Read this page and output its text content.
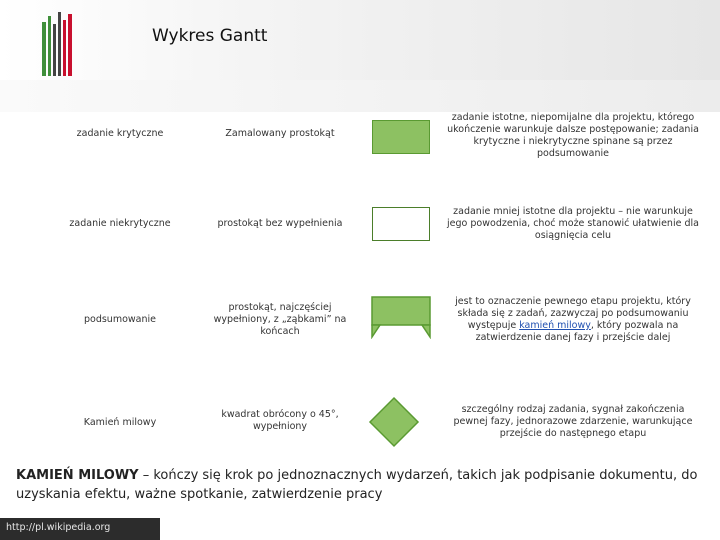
Wykres Gantt
zadanie krytyczne	Zamalowany prostokąt
zadanie istotne, niepomijalne dla projektu, którego ukończenie warunkuje dalsze postępowanie; zadania krytyczne i niekrytyczne spinane są przez podsumowanie
zadanie niekrytyczne	prostokąt bez wypełnienia
zadanie mniej istotne dla projektu – nie warunkuje jego powodzenia, choć może stanowić ułatwienie dla osiągnięcia celu
podsumowanie
prostokąt, najczęściej wypełniony, z „ząbkami” na końcach
jest to oznaczenie pewnego etapu projektu, który składa się z zadań, zazwyczaj po podsumowaniu występuje kamień milowy, który pozwala na zatwierdzenie danej fazy i przejście dalej
Kamień milowy
kwadrat obrócony o 45°, wypełniony
szczególny rodzaj zadania, sygnał zakończenia pewnej fazy, jednorazowe zdarzenie, warunkujące przejście do następnego etapu
KAMIEŃ MILOWY – kończy się krok po jednoznacznych wydarzeń, takich jak podpisanie dokumentu, do uzyskania efektu, ważne spotkanie, zatwierdzenie pracy
http://pl.wikipedia.org
